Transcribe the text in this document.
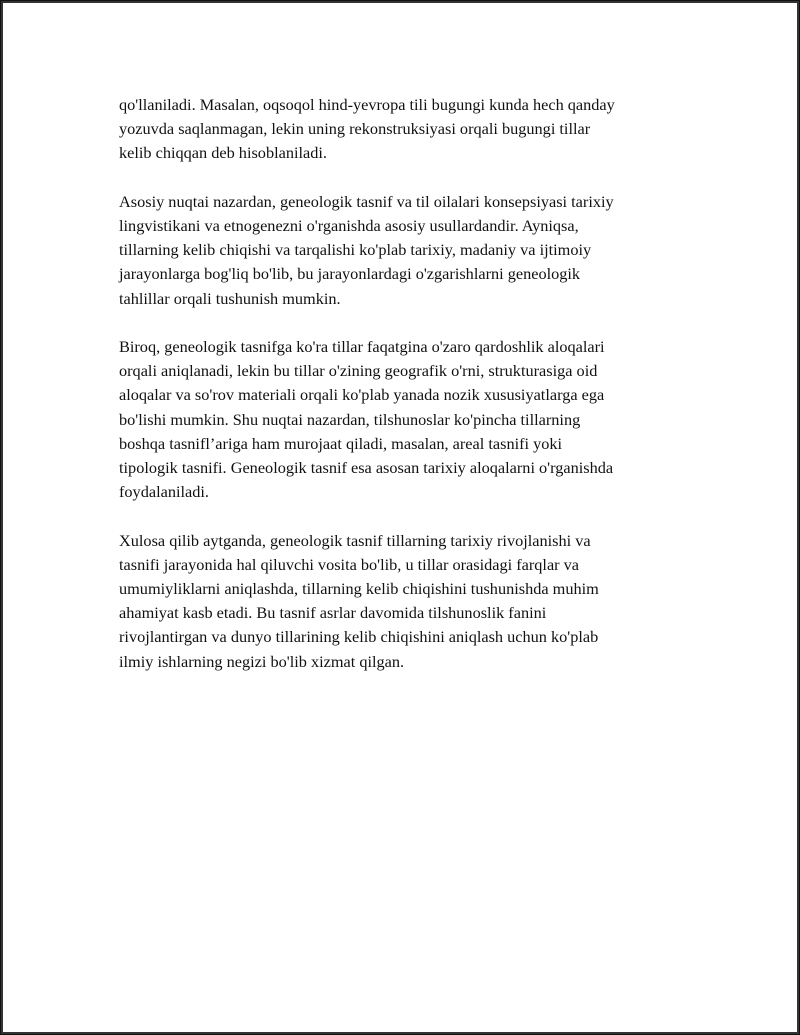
qo'llaniladi. Masalan, oqsoqol hind-yevropa tili bugungi kunda hech qanday
yozuvda saqlanmagan, lekin uning rekonstruksiyasi orqali bugungi tillar
kelib chiqqan deb hisoblaniladi.

Asosiy nuqtai nazardan, geneologik tasnif va til oilalari konsepsiyasi tarixiy
lingvistikani va etnogenezni o'rganishda asosiy usullardandir. Ayniqsa,
tillarning kelib chiqishi va tarqalishi ko'plab tarixiy, madaniy va ijtimoiy
jarayonlarga bog'liq bo'lib, bu jarayonlardagi o'zgarishlarni geneologik
tahlillar orqali tushunish mumkin.

Biroq, geneologik tasnifga ko'ra tillar faqatgina o'zaro qardoshlik aloqalari
orqali aniqlanadi, lekin bu tillar o'zining geografik o'rni, strukturasiga oid
aloqalar va so'rov materiali orqali ko'plab yanada nozik xususiyatlarga ega
bo'lishi mumkin. Shu nuqtai nazardan, tilshunoslar ko'pincha tillarning
boshqa tasnifl’ariga ham murojaat qiladi, masalan, areal tasnifi yoki
tipologik tasnifi. Geneologik tasnif esa asosan tarixiy aloqalarni o'rganishda
foydalaniladi.

Xulosa qilib aytganda, geneologik tasnif tillarning tarixiy rivojlanishi va
tasnifi jarayonida hal qiluvchi vosita bo'lib, u tillar orasidagi farqlar va
umumiyliklarni aniqlashda, tillarning kelib chiqishini tushunishda muhim
ahamiyat kasb etadi. Bu tasnif asrlar davomida tilshunoslik fanini
rivojlantirgan va dunyo tillarining kelib chiqishini aniqlash uchun ko'plab
ilmiy ishlarning negizi bo'lib xizmat qilgan.
